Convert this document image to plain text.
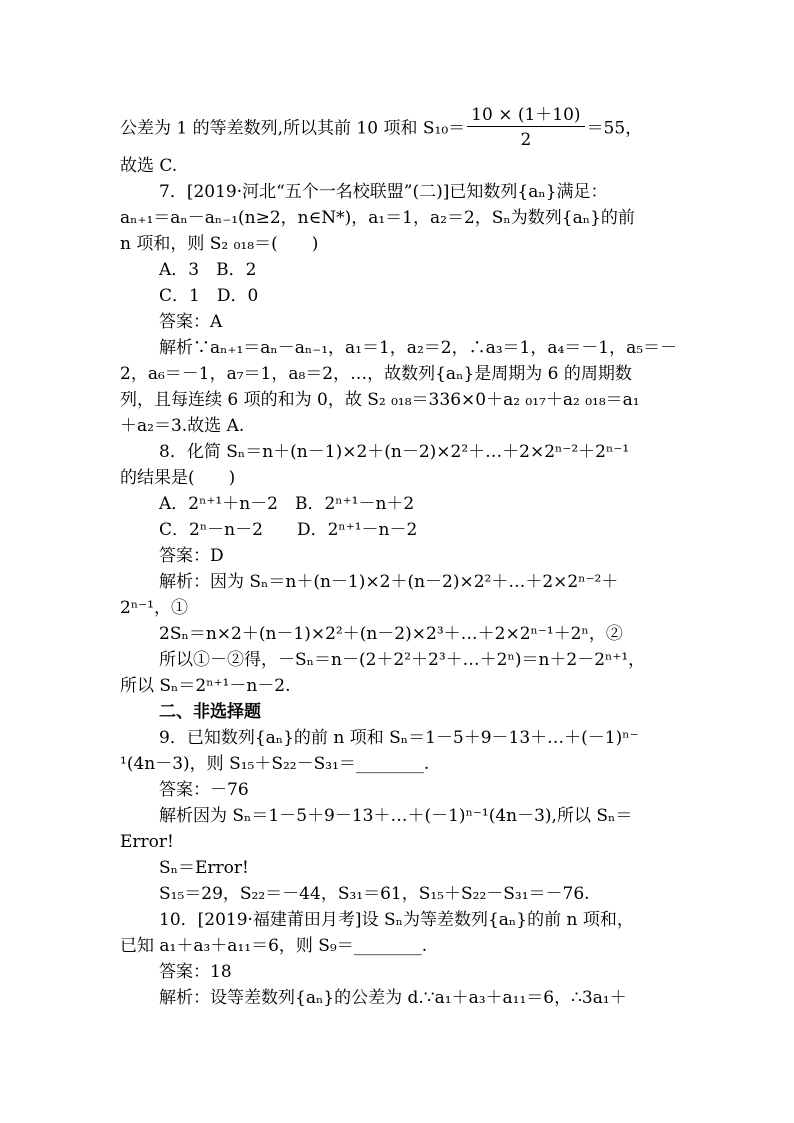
公差为 1 的等差数列,所以其前 10 项和 $S_{10}= \frac{10 \times (1+10)}{2} =55$，
故选 C.
7．[2019·河北“五个一名校联盟”(二)]已知数列{aₙ}满足：
aₙ₊₁＝aₙ－aₙ₋₁(n≥2，n∈N*)，a₁＝1，a₂＝2，Sₙ为数列{aₙ}的前
n 项和，则 S₂ ₀₁₈＝(　　)
A．3　B．2
C．1　D．0
答案：A
解析∵aₙ₊₁＝aₙ－aₙ₋₁，a₁＝1，a₂＝2，∴a₃＝1，a₄＝－1，a₅＝－
2，a₆＝－1，a₇＝1，a₈＝2，…，故数列{aₙ}是周期为 6 的周期数
列，且每连续 6 项的和为 0，故 S₂ ₀₁₈＝336×0＋a₂ ₀₁₇＋a₂ ₀₁₈＝a₁
＋a₂＝3.故选 A.
8．化简 Sₙ＝n＋(n－1)×2＋(n－2)×2²＋…＋2×2ⁿ⁻²＋2ⁿ⁻¹
的结果是(　　)
A．2ⁿ⁺¹＋n－2　B．2ⁿ⁺¹－n＋2
C．2ⁿ－n－2　　D．2ⁿ⁺¹－n－2
答案：D
解析：因为 Sₙ＝n＋(n－1)×2＋(n－2)×2²＋…＋2×2ⁿ⁻²＋
2ⁿ⁻¹，①
2Sₙ＝n×2＋(n－1)×2²＋(n－2)×2³＋…＋2×2ⁿ⁻¹＋2ⁿ，②
所以①－②得，－Sₙ＝n－(2＋2²＋2³＋…＋2ⁿ)＝n＋2－2ⁿ⁺¹，
所以 Sₙ＝2ⁿ⁺¹－n－2.
二、非选择题
9．已知数列{aₙ}的前 n 项和 Sₙ＝1－5＋9－13＋…＋(－1)ⁿ⁻
¹(4n－3)，则 S₁₅＋S₂₂－S₃₁＝________.
答案：－76
解析因为 Sₙ＝1－5＋9－13＋…＋(－1)ⁿ⁻¹(4n－3),所以 Sₙ＝
Error!
Sₙ＝Error!
S₁₅＝29，S₂₂＝－44，S₃₁＝61，S₁₅＋S₂₂－S₃₁＝－76.
10．[2019·福建莆田月考]设 Sₙ为等差数列{aₙ}的前 n 项和，
已知 a₁＋a₃＋a₁₁＝6，则 S₉＝________.
答案：18
解析：设等差数列{aₙ}的公差为 d.∵a₁＋a₃＋a₁₁＝6，∴3a₁＋
